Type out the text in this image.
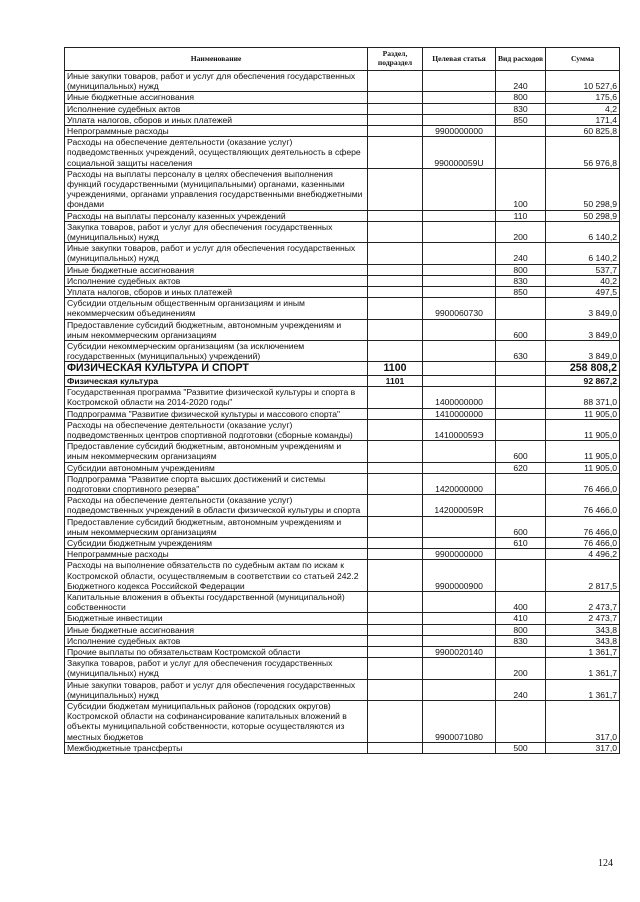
Наименование	Раздел, подраздел	Целевая статья	Вид расходов	Сумма
Иные закупки товаров, работ и услуг для обеспечения государственных (муниципальных) нужд			240	10 527,6
Иные бюджетные ассигнования			800	175,6
Исполнение судебных актов			830	4,2
Уплата налогов, сборов и иных платежей			850	171,4
Непрограммные расходы		9900000000		60 825,8
Расходы на обеспечение деятельности (оказание услуг) подведомственных учреждений, осуществляющих деятельность в сфере социальной защиты населения		990000059U		56 976,8
Расходы на выплаты персоналу в целях обеспечения выполнения функций государственными (муниципальными) органами, казенными учреждениями, органами управления государственными внебюджетными фондами			100	50 298,9
Расходы на выплаты персоналу казенных учреждений			110	50 298,9
Закупка товаров, работ и услуг для обеспечения государственных (муниципальных) нужд			200	6 140,2
Иные закупки товаров, работ и услуг для обеспечения государственных (муниципальных) нужд			240	6 140,2
Иные бюджетные ассигнования			800	537,7
Исполнение судебных актов			830	40,2
Уплата налогов, сборов и иных платежей			850	497,5
Субсидии отдельным общественным организациям и иным некоммерческим объединениям		9900060730		3 849,0
Предоставление субсидий бюджетным, автономным учреждениям и иным некоммерческим организациям			600	3 849,0
Субсидии некоммерческим организациям (за исключением государственных (муниципальных) учреждений)			630	3 849,0
ФИЗИЧЕСКАЯ КУЛЬТУРА И СПОРТ	1100			258 808,2
Физическая культура	1101			92 867,2
Государственная программа "Развитие физической культуры и спорта в Костромской области на 2014-2020 годы"		1400000000		88 371,0
Подпрограмма "Развитие физической культуры и массового спорта"		1410000000		11 905,0
Расходы на обеспечение деятельности (оказание услуг) подведомственных центров спортивной подготовки (сборные команды)		141000059Э		11 905,0
Предоставление субсидий бюджетным, автономным учреждениям и иным некоммерческим организациям			600	11 905,0
Субсидии автономным учреждениям			620	11 905,0
Подпрограмма "Развитие спорта высших достижений и системы подготовки спортивного резерва"		1420000000		76 466,0
Расходы на обеспечение деятельности (оказание услуг) подведомственных учреждений в области физической культуры и спорта		142000059R		76 466,0
Предоставление субсидий бюджетным, автономным учреждениям и иным некоммерческим организациям			600	76 466,0
Субсидии бюджетным учреждениям			610	76 466,0
Непрограммные расходы		9900000000		4 496,2
Расходы на выполнение обязательств по судебным актам по искам к Костромской области, осуществляемым в соответствии со статьей 242.2 Бюджетного кодекса Российской Федерации		9900000900		2 817,5
Капитальные вложения в объекты государственной (муниципальной) собственности			400	2 473,7
Бюджетные инвестиции			410	2 473,7
Иные бюджетные ассигнования			800	343,8
Исполнение судебных актов			830	343,8
Прочие выплаты по обязательствам Костромской области		9900020140		1 361,7
Закупка товаров, работ и услуг для обеспечения государственных (муниципальных) нужд			200	1 361,7
Иные закупки товаров, работ и услуг для обеспечения государственных (муниципальных) нужд			240	1 361,7
Субсидии бюджетам муниципальных районов (городских округов) Костромской области на софинансирование капитальных вложений в объекты муниципальной собственности, которые осуществляются из местных бюджетов		9900071080		317,0
Межбюджетные трансферты			500	317,0
124
